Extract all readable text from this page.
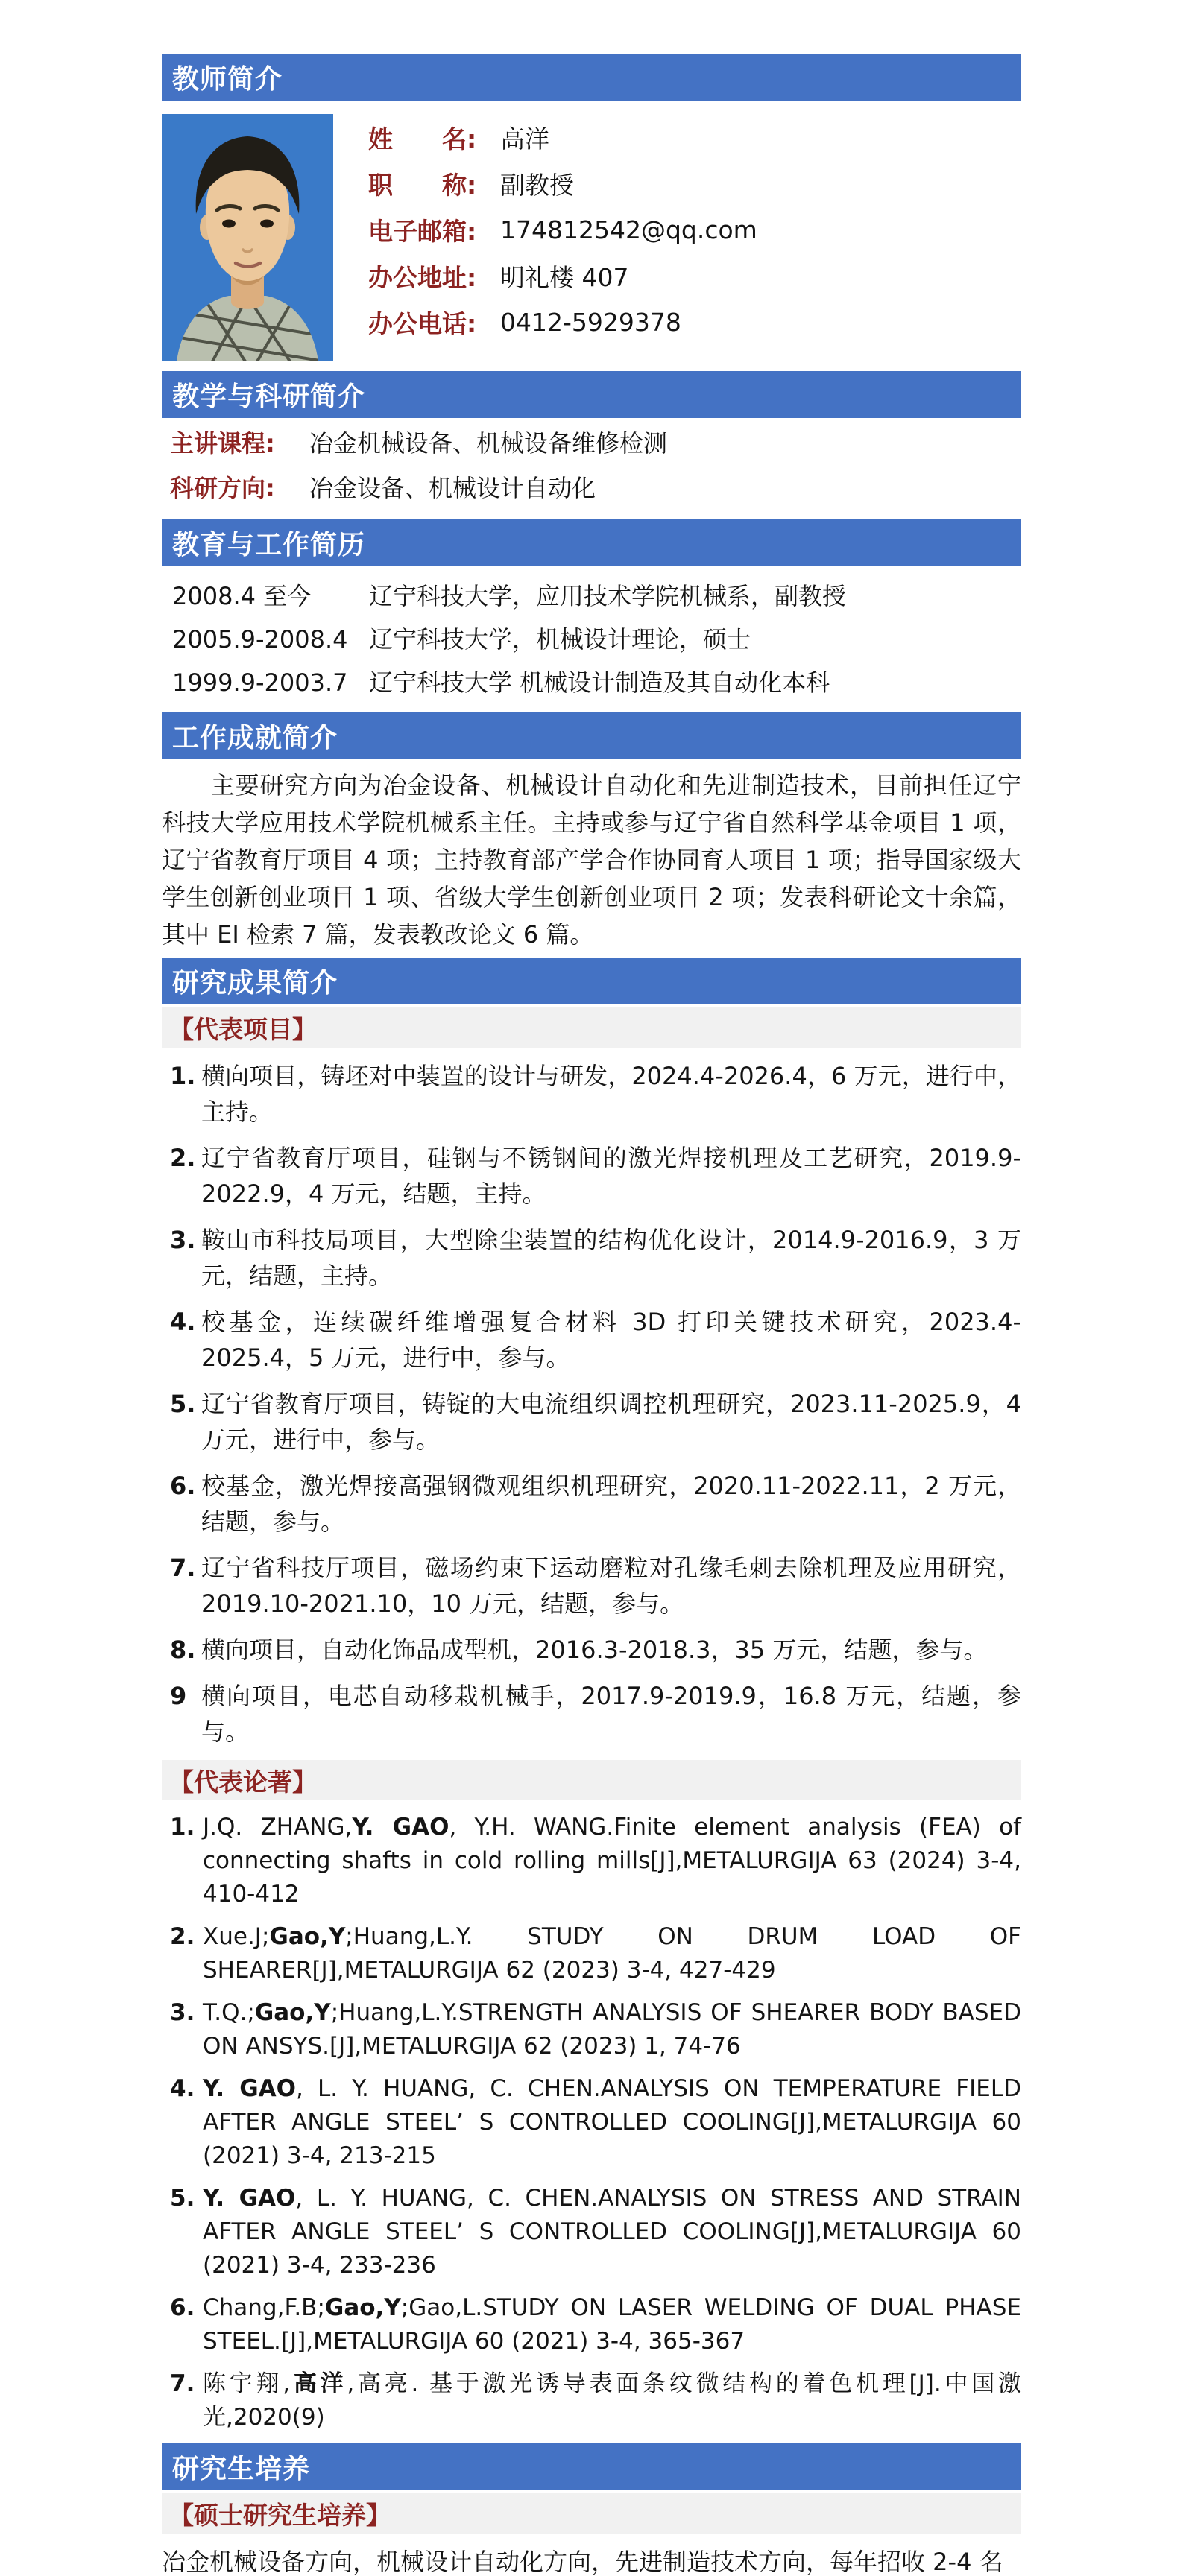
教师简介
姓　　名: 高洋
职　　称: 副教授
电子邮箱: 174812542@qq.com
办公地址: 明礼楼 407
办公电话: 0412-5929378
教学与科研简介
主讲课程:	冶金机械设备、机械设备维修检测
科研方向:	冶金设备、机械设计自动化
教育与工作简历
2008.4 至今	辽宁科技大学，应用技术学院机械系，副教授
2005.9-2008.4 辽宁科技大学，机械设计理论，硕士
1999.9-2003.7 辽宁科技大学 机械设计制造及其自动化本科
工作成就简介

主要研究方向为冶金设备、机械设计自动化和先进制造技术，目前担任辽宁科技大学应用技术学院机械系主任。主持或参与辽宁省自然科学基金项目 1 项，辽宁省教育厅项目 4 项；主持教育部产学合作协同育人项目 1 项；指导国家级大学生创新创业项目 1 项、省级大学生创新创业项目 2 项；发表科研论文十余篇，其中 EI 检索 7 篇，发表教改论文 6 篇。

研究成果简介
【代表项目】
1. 横向项目，铸坯对中装置的设计与研发，2024.4-2026.4，6 万元，进行中，主持。
2. 辽宁省教育厅项目，硅钢与不锈钢间的激光焊接机理及工艺研究，2019.9-2022.9，4 万元，结题，主持。
3. 鞍山市科技局项目，大型除尘装置的结构优化设计，2014.9-2016.9，3 万元，结题，主持。
4. 校基金，连续碳纤维增强复合材料 3D 打印关键技术研究，2023.4-2025.4，5 万元，进行中，参与。
5. 辽宁省教育厅项目，铸锭的大电流组织调控机理研究，2023.11-2025.9，4 万元，进行中，参与。
6. 校基金，激光焊接高强钢微观组织机理研究，2020.11-2022.11，2 万元，结题，参与。
7. 辽宁省科技厅项目，磁场约束下运动磨粒对孔缘毛刺去除机理及应用研究，2019.10-2021.10，10 万元，结题，参与。
8. 横向项目，自动化饰品成型机，2016.3-2018.3，35 万元，结题，参与。
9 横向项目，电芯自动移栽机械手，2017.9-2019.9，16.8 万元，结题，参与。
【代表论著】
1. J.Q. ZHANG,Y. GAO, Y.H. WANG.Finite element analysis (FEA) of connecting shafts in cold rolling mills[J],METALURGIJA 63 (2024) 3-4, 410-412
2. Xue.J;Gao,Y;Huang,L.Y. STUDY ON DRUM LOAD OF SHEARER[J],METALURGIJA 62 (2023) 3-4, 427-429
3. T.Q.;Gao,Y;Huang,L.Y.STRENGTH ANALYSIS OF SHEARER BODY BASED ON ANSYS.[J],METALURGIJA 62 (2023) 1, 74-76
4. Y. GAO, L. Y. HUANG, C. CHEN.ANALYSIS ON TEMPERATURE FIELD AFTER ANGLE STEEL’ S CONTROLLED COOLING[J],METALURGIJA 60 (2021) 3-4, 213-215
5. Y. GAO, L. Y. HUANG, C. CHEN.ANALYSIS ON STRESS AND STRAIN AFTER ANGLE STEEL’ S CONTROLLED COOLING[J],METALURGIJA 60 (2021) 3-4, 233-236
6. Chang,F.B;Gao,Y;Gao,L.STUDY ON LASER WELDING OF DUAL PHASE STEEL.[J],METALURGIJA 60 (2021) 3-4, 365-367
7. 陈宇翔,高洋,高亮. 基于激光诱导表面条纹微结构的着色机理[J].中国激光,2020(9)
研究生培养
【硕士研究生培养】
冶金机械设备方向，机械设计自动化方向，先进制造技术方向，每年招收 2-4 名
